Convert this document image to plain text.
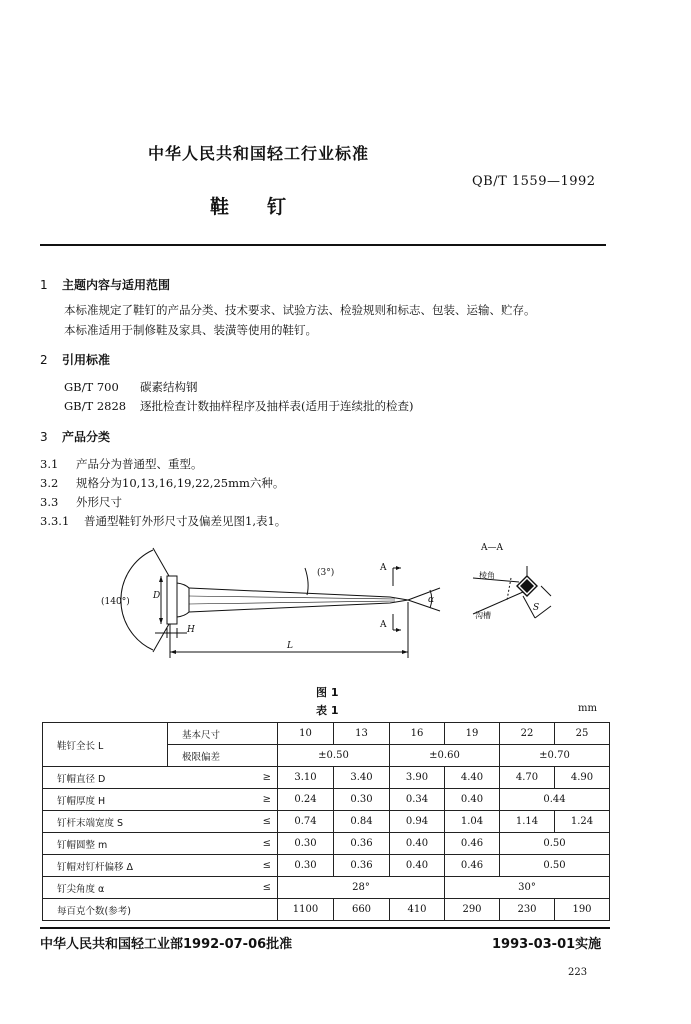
中华人民共和国轻工行业标准
QB/T 1559—1992
鞋　　钉
1 主题内容与适用范围
本标准规定了鞋钉的产品分类、技术要求、试验方法、检验规则和标志、包装、运输、贮存。
本标准适用于制修鞋及家具、装潢等使用的鞋钉。
2 引用标准
GB/T 700 碳素结构钢
GB/T 2828 逐批检查计数抽样程序及抽样表(适用于连续批的检查)
3 产品分类
3.1 产品分为普通型、重型。
3.2 规格分为10,13,16,19,22,25mm六种。
3.3 外形尺寸
3.3.1 普通型鞋钉外形尺寸及偏差见图1,表1。
(140°)
D
H
L
(3°)	A
A
α
A—A
棱角
沟槽
S
图 1
表 1	mm
鞋钉全长 L	基本尺寸	10	13	16	19	22	25
	极限偏差	±0.50		±0.60		±0.70	
钉帽直径 D	≥	3.10	3.40	3.90	4.40	4.70	4.90
钉帽厚度 H	≥	0.24	0.30	0.34	0.40	0.44	
钉杆末端宽度 S	≤	0.74	0.84	0.94	1.04	1.14	1.24
钉帽圆整 m	≤	0.30	0.36	0.40	0.46	0.50	
钉帽对钉杆偏移 Δ	≤	0.30	0.36	0.40	0.46	0.50	
钉尖角度 α	≤	28°			30°		
每百克个数(参考)		1100	660	410	290	230	190
中华人民共和国轻工业部1992-07-06批准	1993-03-01实施
223
